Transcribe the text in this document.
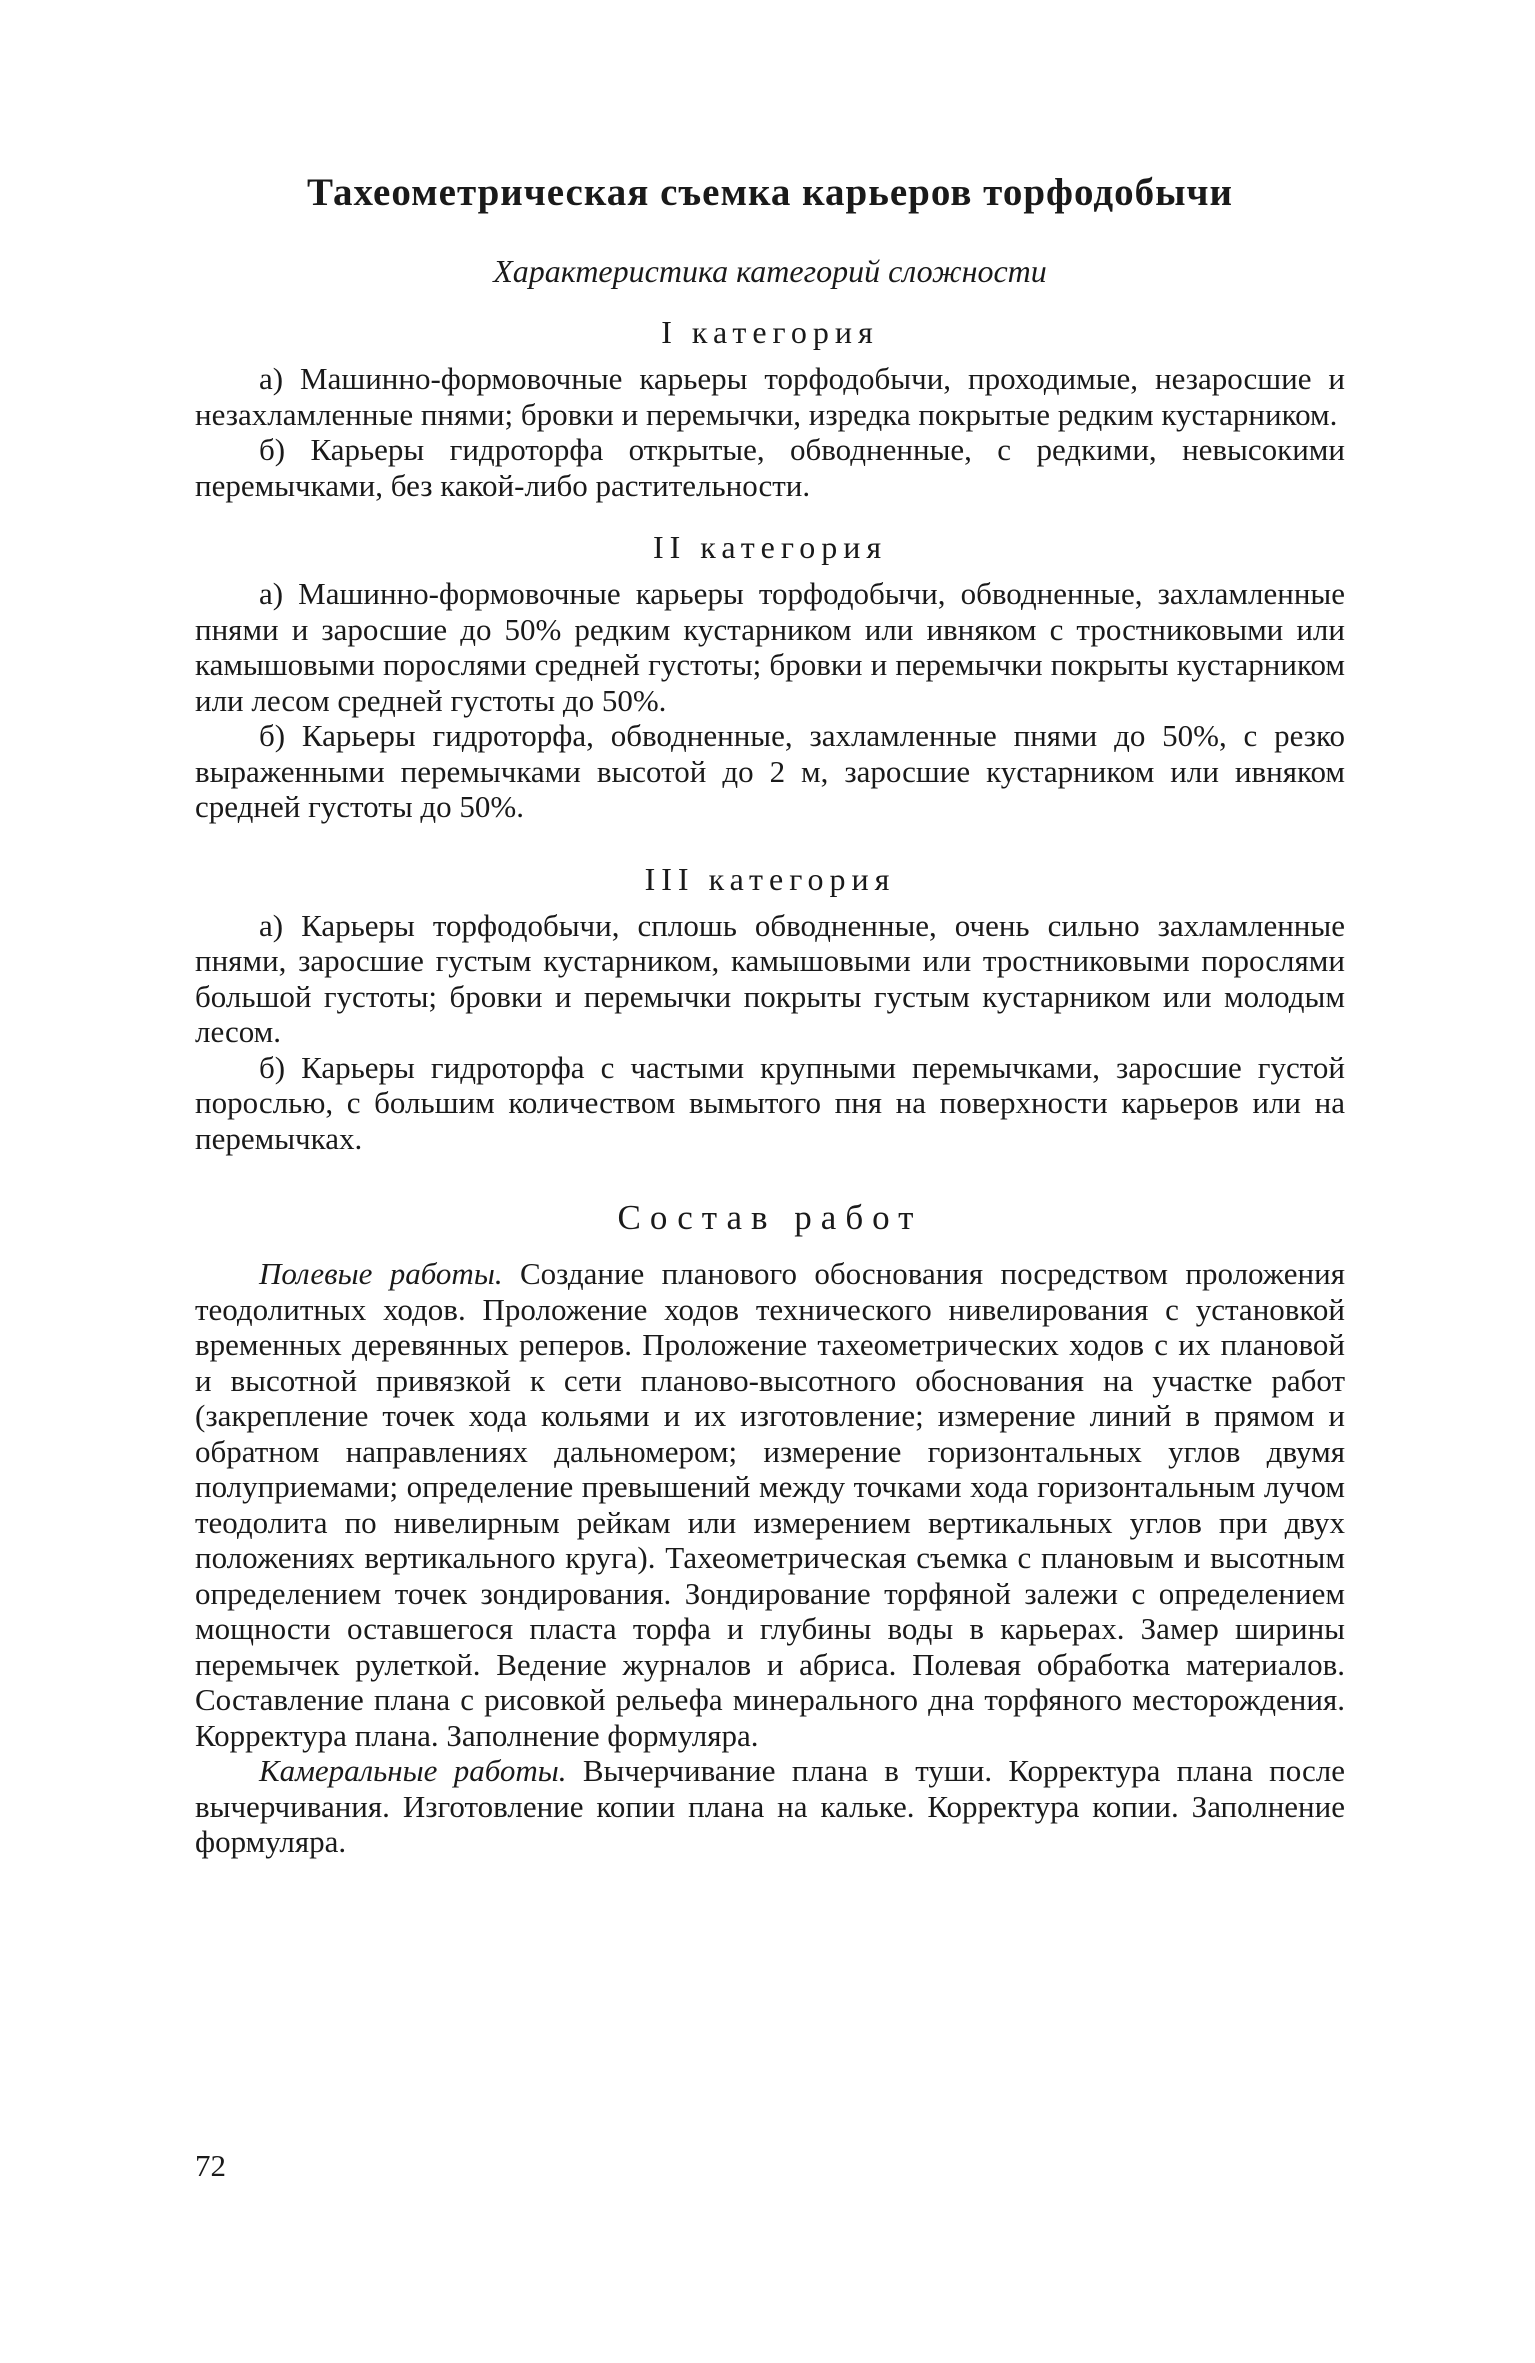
Тахеометрическая съемка карьеров торфодобычи
Характеристика категорий сложности
I категория

а) Машинно-формовочные карьеры торфодобычи, проходимые, незаросшие и незахламленные пнями; бровки и перемычки, изредка покрытые редким кустарником.

б) Карьеры гидроторфа открытые, обводненные, с редкими, невысокими перемычками, без какой-либо растительности.

II категория

а) Машинно-формовочные карьеры торфодобычи, обводненные, захламленные пнями и заросшие до 50% редким кустарником или ивняком с тростниковыми или камышовыми порослями средней густоты; бровки и перемычки покрыты кустарником или лесом средней густоты до 50%.

б) Карьеры гидроторфа, обводненные, захламленные пнями до 50%, с резко выраженными перемычками высотой до 2 м, заросшие кустарником или ивняком средней густоты до 50%.

III категория

а) Карьеры торфодобычи, сплошь обводненные, очень сильно захламленные пнями, заросшие густым кустарником, камышовыми или тростниковыми порослями большой густоты; бровки и перемычки покрыты густым кустарником или молодым лесом.

б) Карьеры гидроторфа с частыми крупными перемычками, заросшие густой порослью, с большим количеством вымытого пня на поверхности карьеров или на перемычках.

Состав работ

Полевые работы. Создание планового обоснования посредством проложения теодолитных ходов. Проложение ходов технического нивелирования с установкой временных деревянных реперов. Проложение тахеометрических ходов с их плановой и высотной привязкой к сети планово-высотного обоснования на участке работ (закрепление точек хода кольями и их изготовление; измерение линий в прямом и обратном направлениях дальномером; измерение горизонтальных углов двумя полуприемами; определение превышений между точками хода горизонтальным лучом теодолита по нивелирным рейкам или измерением вертикальных углов при двух положениях вертикального круга). Тахеометрическая съемка с плановым и высотным определением точек зондирования. Зондирование торфяной залежи с определением мощности оставшегося пласта торфа и глубины воды в карьерах. Замер ширины перемычек рулеткой. Ведение журналов и абриса. Полевая обработка материалов. Составление плана с рисовкой рельефа минерального дна торфяного месторождения. Корректура плана. Заполнение формуляра.

Камеральные работы. Вычерчивание плана в туши. Корректура плана после вычерчивания. Изготовление копии плана на кальке. Корректура копии. Заполнение формуляра.

72
